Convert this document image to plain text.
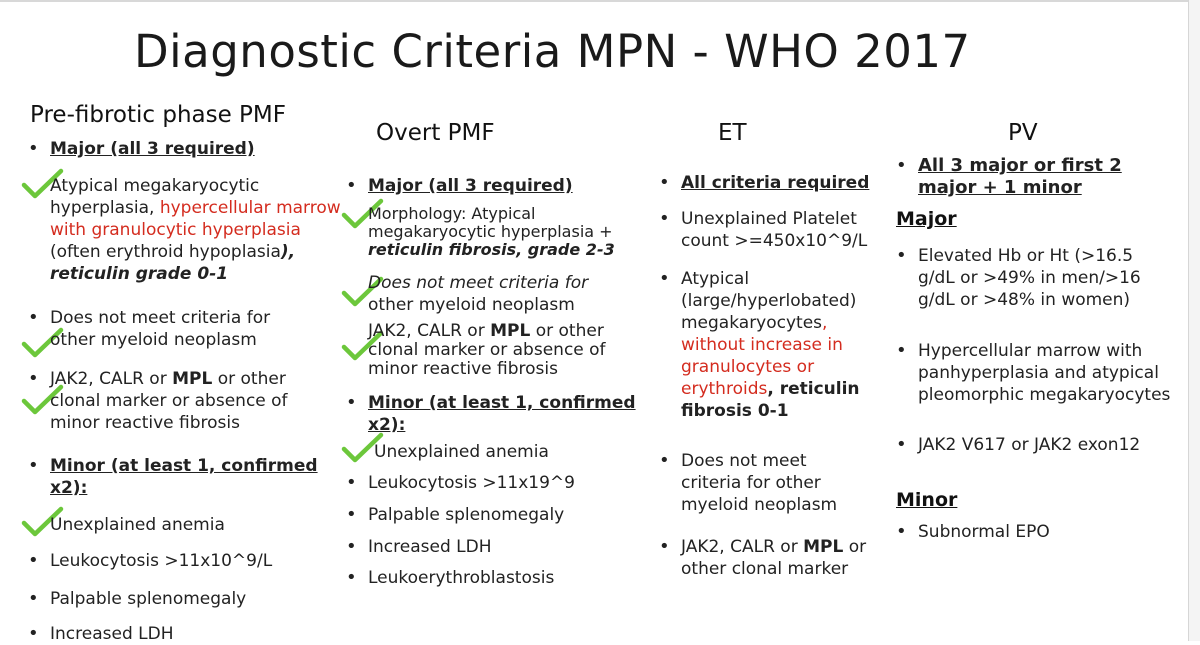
Diagnostic Criteria MPN - WHO 2017
Pre-fibrotic phase PMF
• Major (all 3 required)
Atypical megakaryocytic hyperplasia, hypercellular marrow with granulocytic hyperplasia (often erythroid hypoplasia), reticulin grade 0-1
• Does not meet criteria for other myeloid neoplasm
• JAK2, CALR or MPL or other clonal marker or absence of minor reactive fibrosis
• Minor (at least 1, confirmed x2):
Unexplained anemia
• Leukocytosis >11x10^9/L
• Palpable splenomegaly
• Increased LDH
Overt PMF
• Major (all 3 required)
Morphology: Atypical megakaryocytic hyperplasia + reticulin fibrosis, grade 2-3
Does not meet criteria for other myeloid neoplasm
JAK2, CALR or MPL or other clonal marker or absence of minor reactive fibrosis
• Minor (at least 1, confirmed x2):
Unexplained anemia
• Leukocytosis >11x19^9
• Palpable splenomegaly
• Increased LDH
• Leukoerythroblastosis
ET
• All criteria required
• Unexplained Platelet count >=450x10^9/L
• Atypical (large/hyperlobated) megakaryocytes, without increase in granulocytes or erythroids, reticulin fibrosis 0-1
• Does not meet criteria for other myeloid neoplasm
• JAK2, CALR or MPL or other clonal marker
PV
• All 3 major or first 2 major + 1 minor
Major
• Elevated Hb or Ht (>16.5 g/dL or >49% in men/>16 g/dL or >48% in women)
• Hypercellular marrow with panhyperplasia and atypical pleomorphic megakaryocytes
• JAK2 V617 or JAK2 exon12
Minor
• Subnormal EPO
